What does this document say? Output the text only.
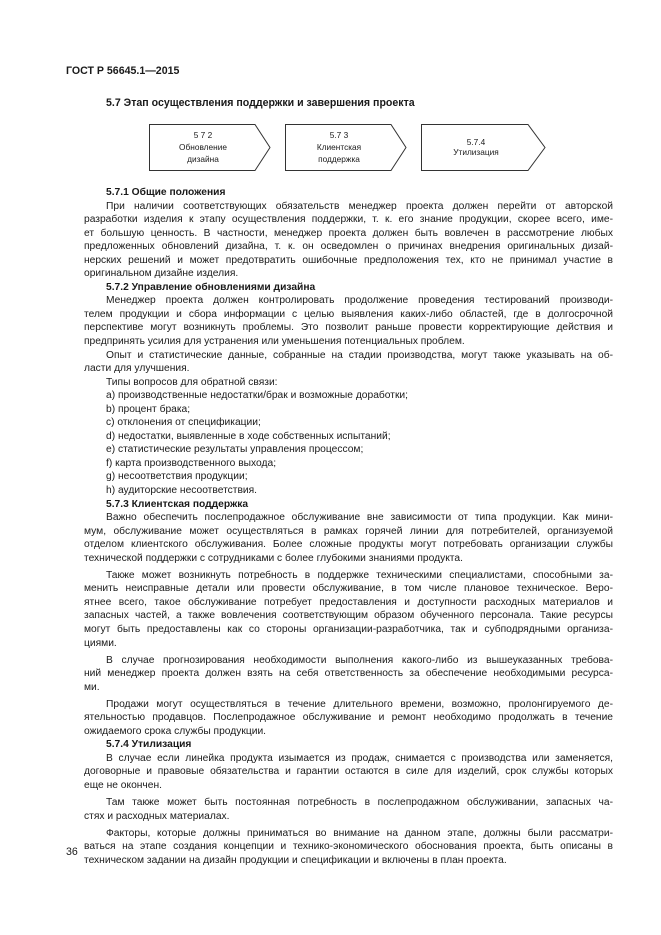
ГОСТ Р 56645.1—2015
5.7 Этап осуществления поддержки и завершения проекта
5 7 2
Обновление
дизайна
5.7 3
Клиентская
поддержка
5.7.4
Утилизация

5.7.1 Общие положения

При наличии соответствующих обязательств менеджер проекта должен перейти от авторской

разработки изделия к этапу осуществления поддержки, т. к. его знание продукции, скорее всего, име-

ет большую ценность. В частности, менеджер проекта должен быть вовлечен в рассмотрение любых

предложенных обновлений дизайна, т. к. он осведомлен о причинах внедрения оригинальных дизай-

нерских решений и может предотвратить ошибочные предположения тех, кто не принимал участие в

оригинальном дизайне изделия.

5.7.2 Управление обновлениями дизайна

Менеджер проекта должен контролировать продолжение проведения тестирований производи-

телем продукции и сбора информации с целью выявления каких-либо областей, где в долгосрочной

перспективе могут возникнуть проблемы. Это позволит раньше провести корректирующие действия и

предпринять усилия для устранения или уменьшения потенциальных проблем.

Опыт и статистические данные, собранные на стадии производства, могут также указывать на об-

ласти для улучшения.

Типы вопросов для обратной связи:

a) производственные недостатки/брак и возможные доработки;

b) процент брака;

c) отклонения от спецификации;

d) недостатки, выявленные в ходе собственных испытаний;

e) статистические результаты управления процессом;

f) карта производственного выхода;

g) несоответствия продукции;

h) аудиторские несоответствия.

5.7.3 Клиентская поддержка

Важно обеспечить послепродажное обслуживание вне зависимости от типа продукции. Как мини-

мум, обслуживание может осуществляться в рамках горячей линии для потребителей, организуемой

отделом клиентского обслуживания. Более сложные продукты могут потребовать организации службы

технической поддержки с сотрудниками с более глубокими знаниями продукта.

Также может возникнуть потребность в поддержке техническими специалистами, способными за-

менить неисправные детали или провести обслуживание, в том числе плановое техническое. Веро-

ятнее всего, такое обслуживание потребует предоставления и доступности расходных материалов и

запасных частей, а также вовлечения соответствующим образом обученного персонала. Такие ресурсы

могут быть предоставлены как со стороны организации-разработчика, так и субподрядными организа-

циями.

В случае прогнозирования необходимости выполнения какого-либо из вышеуказанных требова-

ний менеджер проекта должен взять на себя ответственность за обеспечение необходимыми ресурса-

ми.

Продажи могут осуществляться в течение длительного времени, возможно, пролонгируемого де-

ятельностью продавцов. Послепродажное обслуживание и ремонт необходимо продолжать в течение

ожидаемого срока службы продукции.

5.7.4 Утилизация

В случае если линейка продукта изымается из продаж, снимается с производства или заменяется,

договорные и правовые обязательства и гарантии остаются в силе для изделий, срок службы которых

еще не окончен.

Там также может быть постоянная потребность в послепродажном обслуживании, запасных ча-

стях и расходных материалах.

Факторы, которые должны приниматься во внимание на данном этапе, должны были рассматри-

ваться на этапе создания концепции и технико-экономического обоснования проекта, быть описаны в

техническом задании на дизайн продукции и спецификации и включены в план проекта.

36
